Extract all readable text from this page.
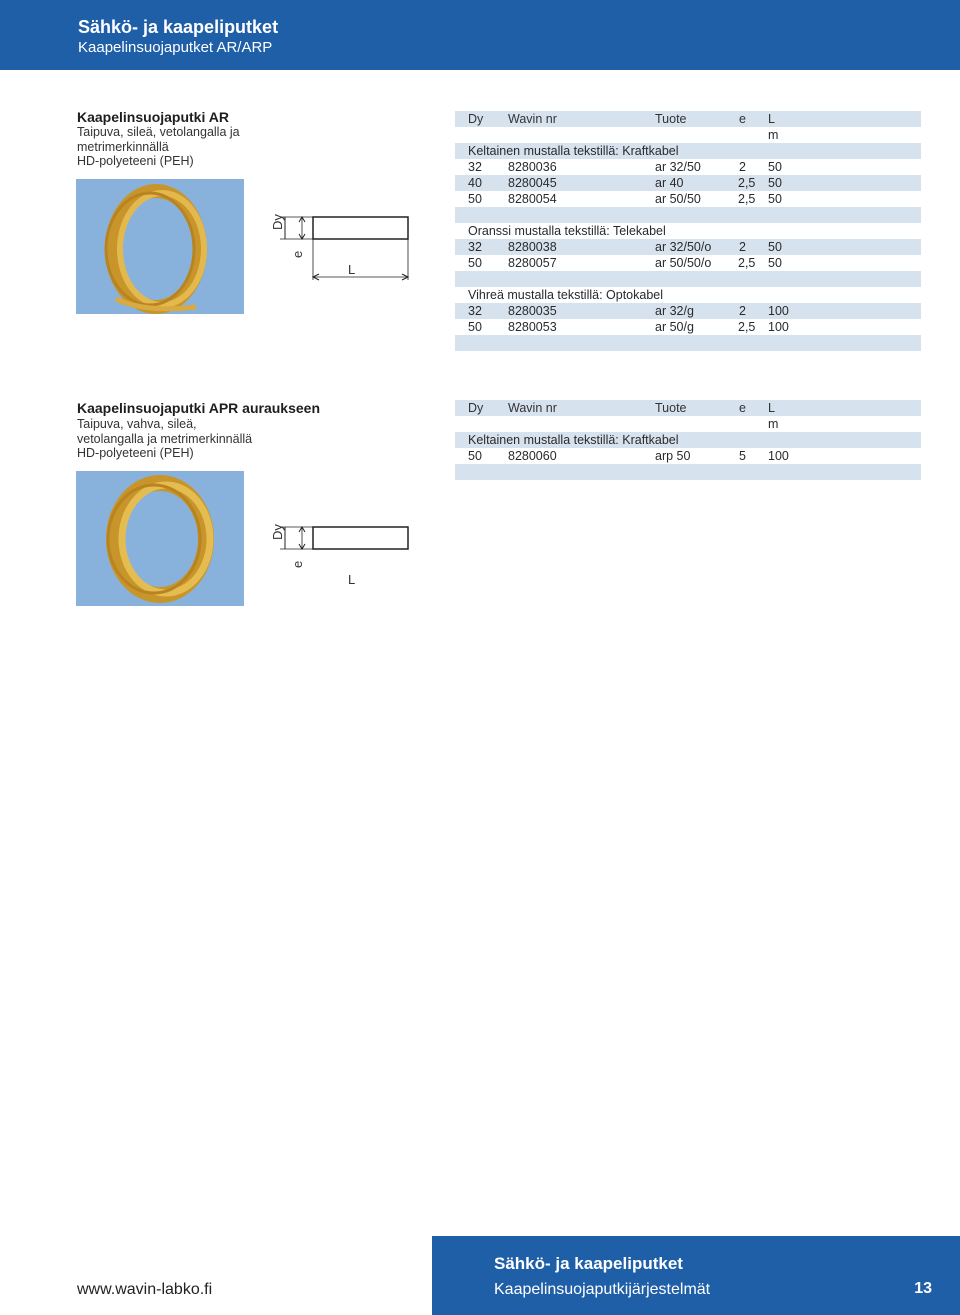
Sähkö- ja kaapeliputket
Kaapelinsuojaputket AR/ARP
Kaapelinsuojaputki AR
Taipuva, sileä, vetolangalla ja
metrimerkinnällä
HD-polyeteeni (PEH)
Dy
e
L
Dy Wavin nr	Tuote	e L
m
Keltainen mustalla tekstillä: Kraftkabel
32 8280036	ar 32/50	2 50
40 8280045	ar 40	2,5 50
50 8280054	ar 50/50	2,5 50
Oranssi mustalla tekstillä: Telekabel
32 8280038	ar 32/50/o 2 50
50 8280057	ar 50/50/o 2,5 50
Vihreä mustalla tekstillä: Optokabel
32 8280035	ar 32/g	2 100
50 8280053	ar 50/g	2,5 100
Kaapelinsuojaputki APR auraukseen
Taipuva, vahva, sileä,
vetolangalla ja metrimerkinnällä
HD-polyeteeni (PEH)
Dy
e
L
Dy Wavin nr	Tuote	e L
m
Keltainen mustalla tekstillä: Kraftkabel
50 8280060	arp 50	5 100
www.wavin-labko.fi
Sähkö- ja kaapeliputket
Kaapelinsuojaputkijärjestelmät	13
